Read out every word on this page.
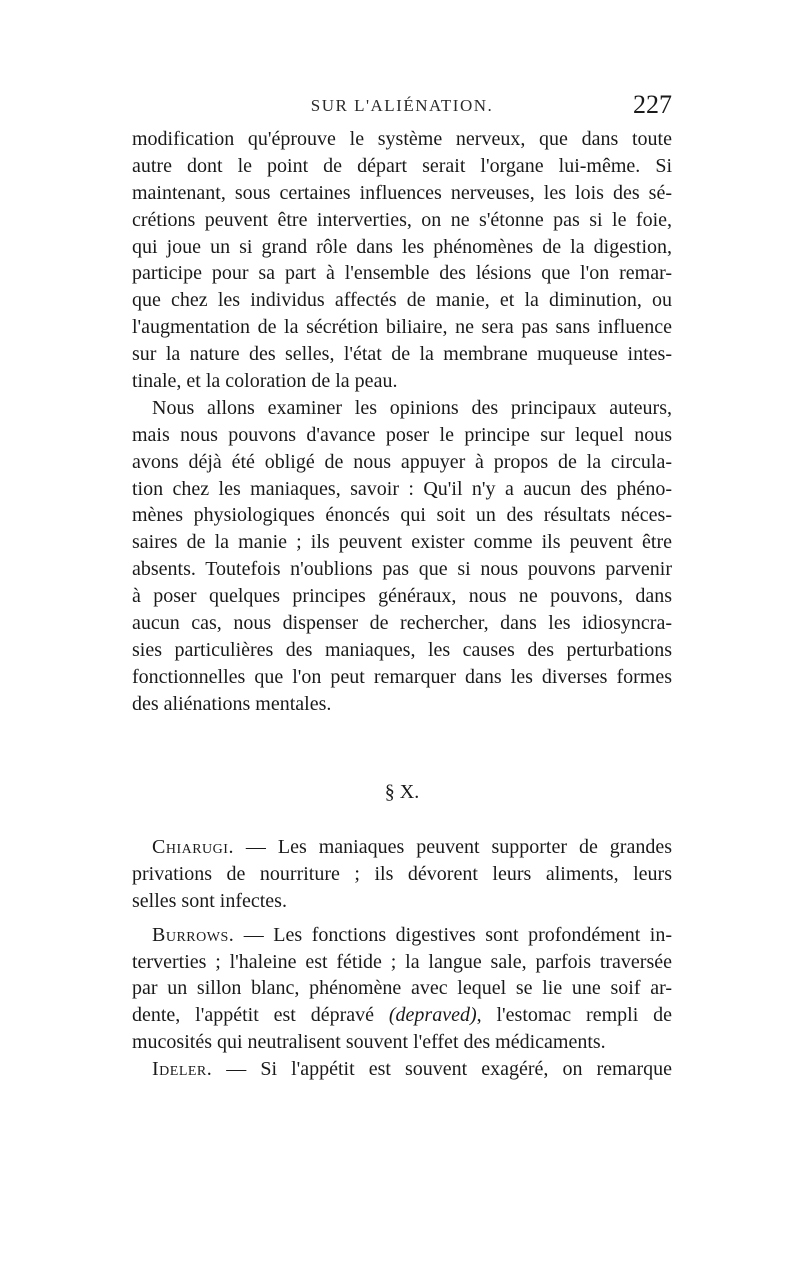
SUR L'ALIÉNATION.	227
modification qu'éprouve le système nerveux, que dans toute
autre dont le point de départ serait l'organe lui-même. Si
maintenant, sous certaines influences nerveuses, les lois des sé-
crétions peuvent être interverties, on ne s'étonne pas si le foie,
qui joue un si grand rôle dans les phénomènes de la digestion,
participe pour sa part à l'ensemble des lésions que l'on remar-
que chez les individus affectés de manie, et la diminution, ou
l'augmentation de la sécrétion biliaire, ne sera pas sans influence
sur la nature des selles, l'état de la membrane muqueuse intes-
tinale, et la coloration de la peau.
Nous allons examiner les opinions des principaux auteurs,
mais nous pouvons d'avance poser le principe sur lequel nous
avons déjà été obligé de nous appuyer à propos de la circula-
tion chez les maniaques, savoir : Qu'il n'y a aucun des phéno-
mènes physiologiques énoncés qui soit un des résultats néces-
saires de la manie ; ils peuvent exister comme ils peuvent être
absents. Toutefois n'oublions pas que si nous pouvons parvenir
à poser quelques principes généraux, nous ne pouvons, dans
aucun cas, nous dispenser de rechercher, dans les idiosyncra-
sies particulières des maniaques, les causes des perturbations
fonctionnelles que l'on peut remarquer dans les diverses formes
des aliénations mentales.
§ X.
Chiarugi. — Les maniaques peuvent supporter de grandes
privations de nourriture ; ils dévorent leurs aliments, leurs
selles sont infectes.
Burrows. — Les fonctions digestives sont profondément in-
terverties ; l'haleine est fétide ; la langue sale, parfois traversée
par un sillon blanc, phénomène avec lequel se lie une soif ar-
dente, l'appétit est dépravé (depraved), l'estomac rempli de
mucosités qui neutralisent souvent l'effet des médicaments.
Ideler. — Si l'appétit est souvent exagéré, on remarque
